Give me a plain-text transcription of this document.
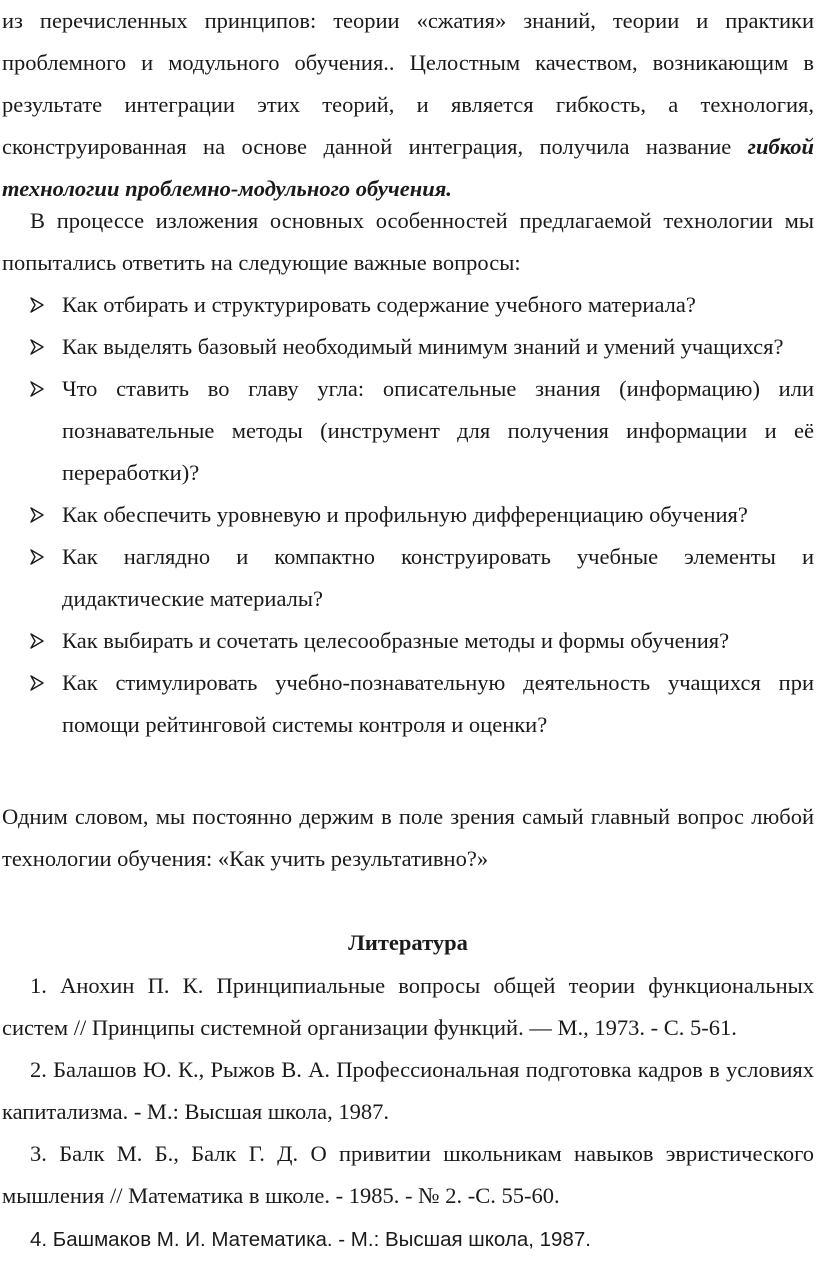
из перечисленных принципов: теории «сжатия» знаний, теории и практики проблемного и модульного обучения.. Целостным качеством, возникающим в результате интеграции этих теорий, и является гибкость, а технология, сконструированная на основе данной интеграция, получила название гибкой технологии проблемно-модульного обучения.

В процессе изложения основных особенностей предлагаемой технологии мы попытались ответить на следующие важные вопросы:

Как отбирать и структурировать содержание учебного материала?
Как выделять базовый необходимый минимум знаний и умений учащихся?
Что ставить во главу угла: описательные знания (информацию) или познавательные методы (инструмент для получения информации и её переработки)?
Как обеспечить уровневую и профильную дифференциацию обучения?
Как наглядно и компактно конструировать учебные элементы и дидактические материалы?
Как выбирать и сочетать целесообразные методы и формы обучения?
Как стимулировать учебно-познавательную деятельность учащихся при помощи рейтинговой системы контроля и оценки?

Одним словом, мы постоянно держим в поле зрения самый главный вопрос любой технологии обучения: «Как учить результативно?»

Литература
1. Анохин П. К. Принципиальные вопросы общей теории функциональных систем // Принципы системной организации функций. — М., 1973. - С. 5-61.
2. Балашов Ю. К., Рыжов В. А. Профессиональная подготовка кадров в условиях капитализма. - М.: Высшая школа, 1987.
3. Балк М. Б., Балк Г. Д. О привитии школьникам навыков эвристического мышления // Математика в школе. - 1985. - № 2. -С. 55-60.
4. Башмаков М. И. Математика. - М.: Высшая школа, 1987.
